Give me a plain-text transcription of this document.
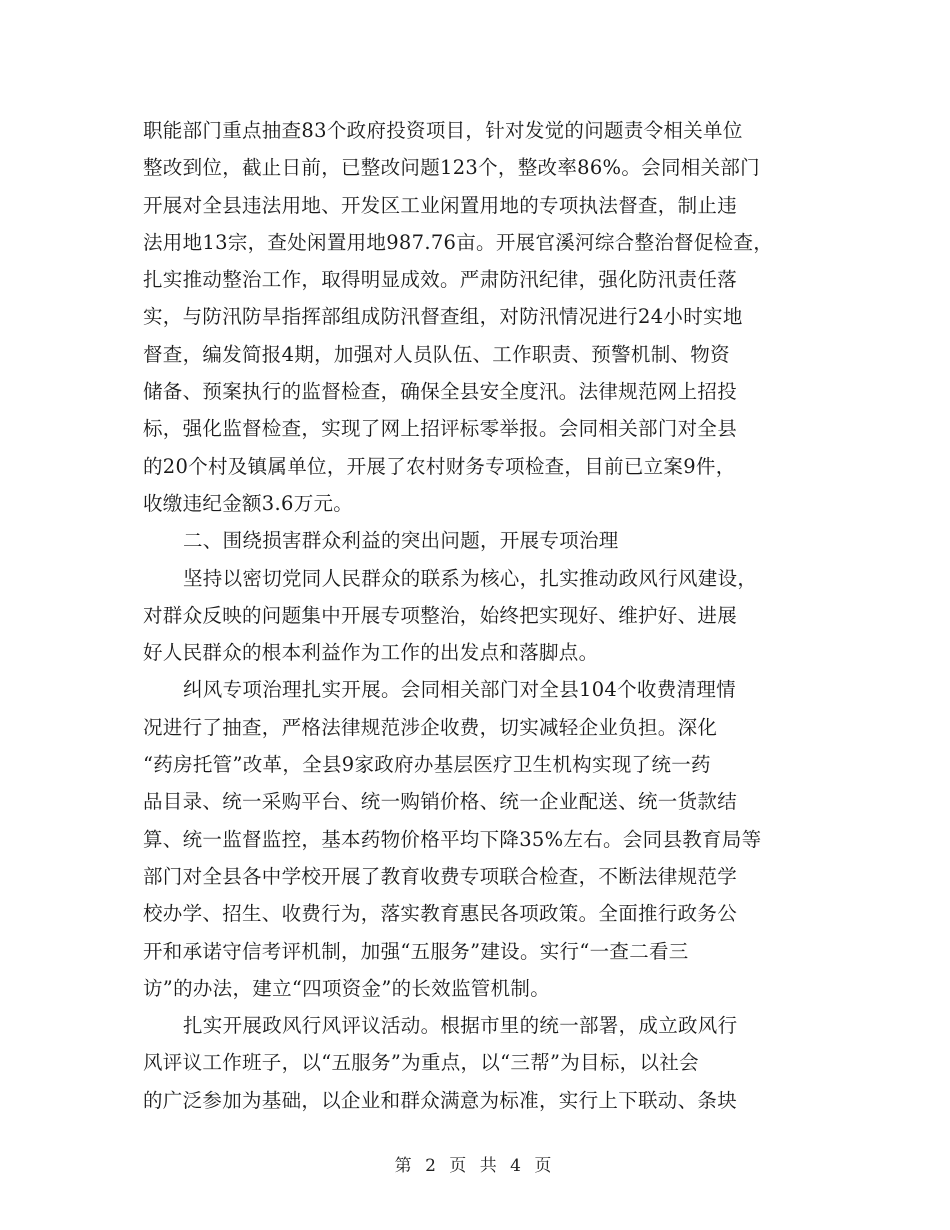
职能部门重点抽查83个政府投资项目，针对发觉的问题责令相关单位
整改到位，截止日前，已整改问题123个，整改率86%。会同相关部门
开展对全县违法用地、开发区工业闲置用地的专项执法督查，制止违
法用地13宗，查处闲置用地987.76亩。开展官溪河综合整治督促检查，
扎实推动整治工作，取得明显成效。严肃防汛纪律，强化防汛责任落
实，与防汛防旱指挥部组成防汛督查组，对防汛情况进行24小时实地
督查，编发简报4期，加强对人员队伍、工作职责、预警机制、物资
储备、预案执行的监督检查，确保全县安全度汛。法律规范网上招投
标，强化监督检查，实现了网上招评标零举报。会同相关部门对全县
的20个村及镇属单位，开展了农村财务专项检查，目前已立案9件，
收缴违纪金额3.6万元。
二、围绕损害群众利益的突出问题，开展专项治理
坚持以密切党同人民群众的联系为核心，扎实推动政风行风建设，
对群众反映的问题集中开展专项整治，始终把实现好、维护好、进展
好人民群众的根本利益作为工作的出发点和落脚点。
纠风专项治理扎实开展。会同相关部门对全县104个收费清理情
况进行了抽查，严格法律规范涉企收费，切实减轻企业负担。深化
“药房托管”改革，全县9家政府办基层医疗卫生机构实现了统一药
品目录、统一采购平台、统一购销价格、统一企业配送、统一货款结
算、统一监督监控，基本药物价格平均下降35%左右。会同县教育局等
部门对全县各中学校开展了教育收费专项联合检查，不断法律规范学
校办学、招生、收费行为，落实教育惠民各项政策。全面推行政务公
开和承诺守信考评机制，加强“五服务”建设。实行“一查二看三
访”的办法，建立“四项资金”的长效监管机制。
扎实开展政风行风评议活动。根据市里的统一部署，成立政风行
风评议工作班子，以“五服务”为重点，以“三帮”为目标，以社会
的广泛参加为基础，以企业和群众满意为标准，实行上下联动、条块
第 2 页 共 4 页
